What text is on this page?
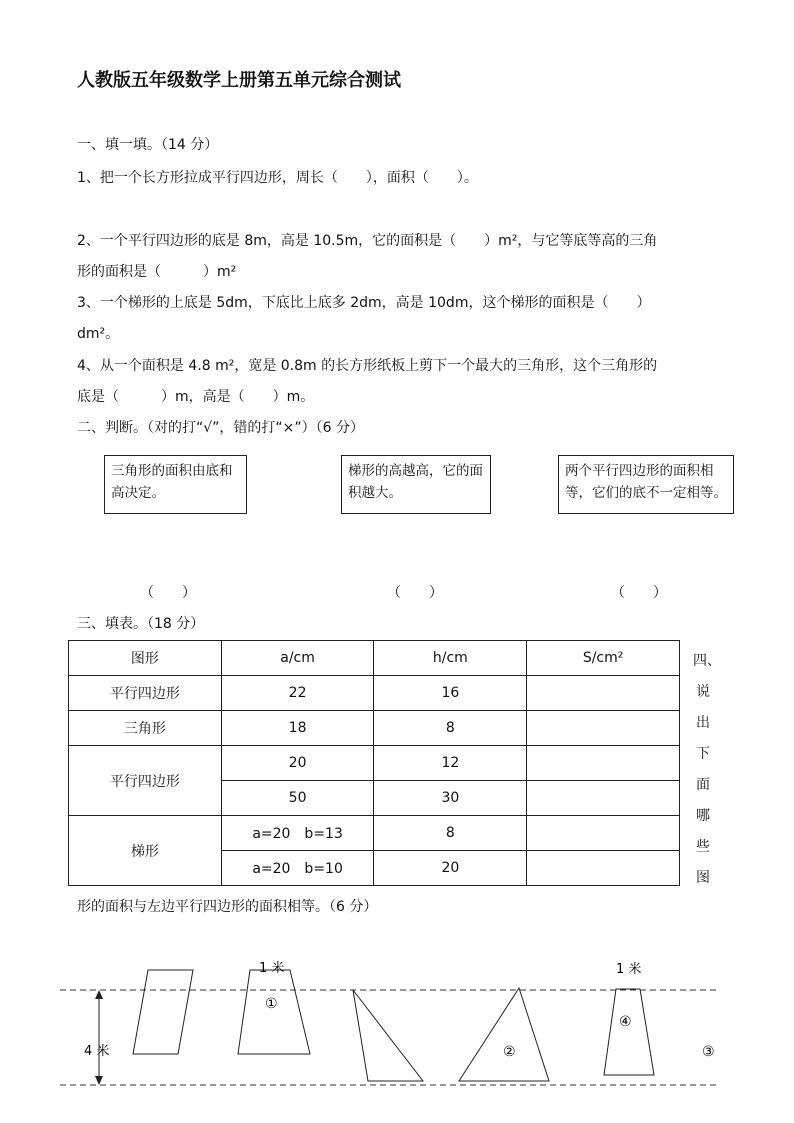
人教版五年级数学上册第五单元综合测试
一、填一填。（14 分）
1、把一个长方形拉成平行四边形，周长（　　），面积（　　）。
2、一个平行四边形的底是 8m，高是 10.5m，它的面积是（　　）m²，与它等底等高的三角
形的面积是（　　　）m²
3、一个梯形的上底是 5dm，下底比上底多 2dm，高是 10dm，这个梯形的面积是（　　）
dm²。
4、从一个面积是 4.8 m²，宽是 0.8m 的长方形纸板上剪下一个最大的三角形，这个三角形的
底是（　　　）m，高是（　　）m。
二、判断。（对的打“√”，错的打“×”）（6 分）
三角形的面积由底和高决定。
梯形的高越高，它的面积越大。
两个平行四边形的面积相等，它们的底不一定相等。
（　　）	（　　）	（　　）
三、填表。（18 分）
图形	a/cm	h/cm	S/cm²
平行四边形	22	16	
三角形	18	8	
平行四边形	20	12	
	50	30	
梯形	a=20　b=13	8	
	a=20　b=10	20	
四、说出下面哪些图
形的面积与左边平行四边形的面积相等。（6 分）
4 米
1 米
①
②
1 米
④
③
